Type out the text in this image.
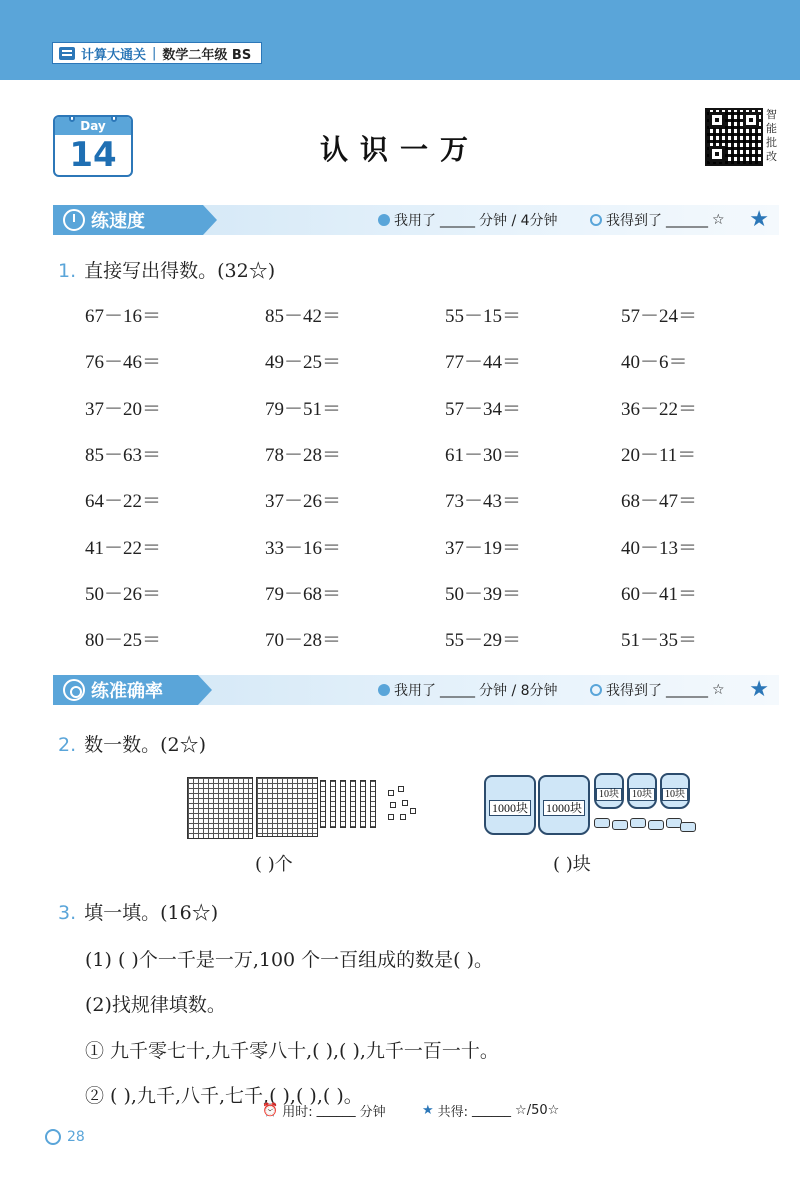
计算大通关 | 数学二年级 BS
Day
14	认识一万
智
能
批
改
练速度	我用了 _____ 分钟 / 4分钟	我得到了 ______ ☆ ★
1. 直接写出得数。(32☆)
67－16＝	85－42＝	55－15＝	57－24＝
76－46＝	49－25＝	77－44＝	40－6＝
37－20＝	79－51＝	57－34＝	36－22＝
85－63＝	78－28＝	61－30＝	20－11＝
64－22＝	37－26＝	73－43＝	68－47＝
41－22＝	33－16＝	37－19＝	40－13＝
50－26＝	79－68＝	50－39＝	60－41＝
80－25＝	70－28＝	55－29＝	51－35＝
练准确率	我用了 _____ 分钟 / 8分钟	我得到了 ______ ☆ ★
2. 数一数。(2☆)
1000块	1000块
10块	10块	10块
( )个	( )块
3. 填一填。(16☆)
(1) ( )个一千是一万,100 个一百组成的数是( )。
(2)找规律填数。
① 九千零七十,九千零八十,( ),( ),九千一百一十。
② ( ),九千,八千,七千,( ),( ),( )。
⏰ 用时: ______ 分钟	★ 共得: ______ ☆/50☆
28
